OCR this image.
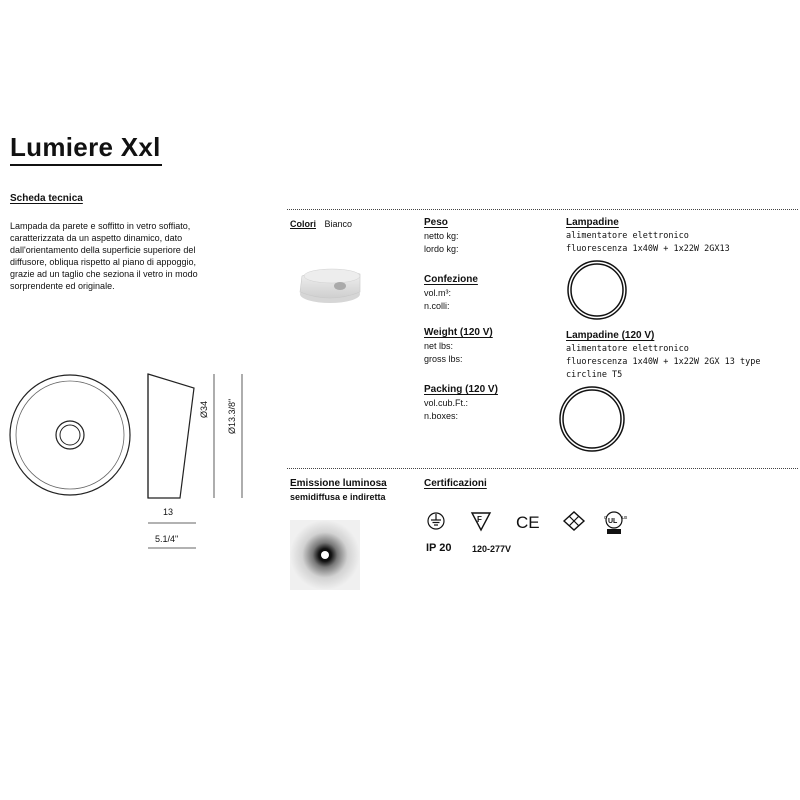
Lumiere Xxl
Scheda tecnica
Lampada da parete e soffitto in vetro soffiato,
caratterizzata da un aspetto dinamico, dato
dall'orientamento della superficie superiore del
diffusore, obliqua rispetto al piano di appoggio,
grazie ad un taglio che seziona il vetro in modo
sorprendente ed originale.
Ø34 Ø13.3/8"
13
5.1/4"
Colori Bianco	Peso
netto kg:
lordo kg:
Confezione
vol.m³:
n.colli:
Weight (120 V)
net lbs:
gross lbs:
Packing (120 V)
vol.cub.Ft.:
n.boxes:
Lampadine
alimentatore elettronico
fluorescenza 1x40W + 1x22W 2GX13
Lampadine (120 V)
alimentatore elettronico
fluorescenza 1x40W + 1x22W 2GX 13 type
circline T5
Emissione luminosa
semidiffusa e indiretta
Certificazioni
F CE	UL
c	us
IP 20 120-277V
